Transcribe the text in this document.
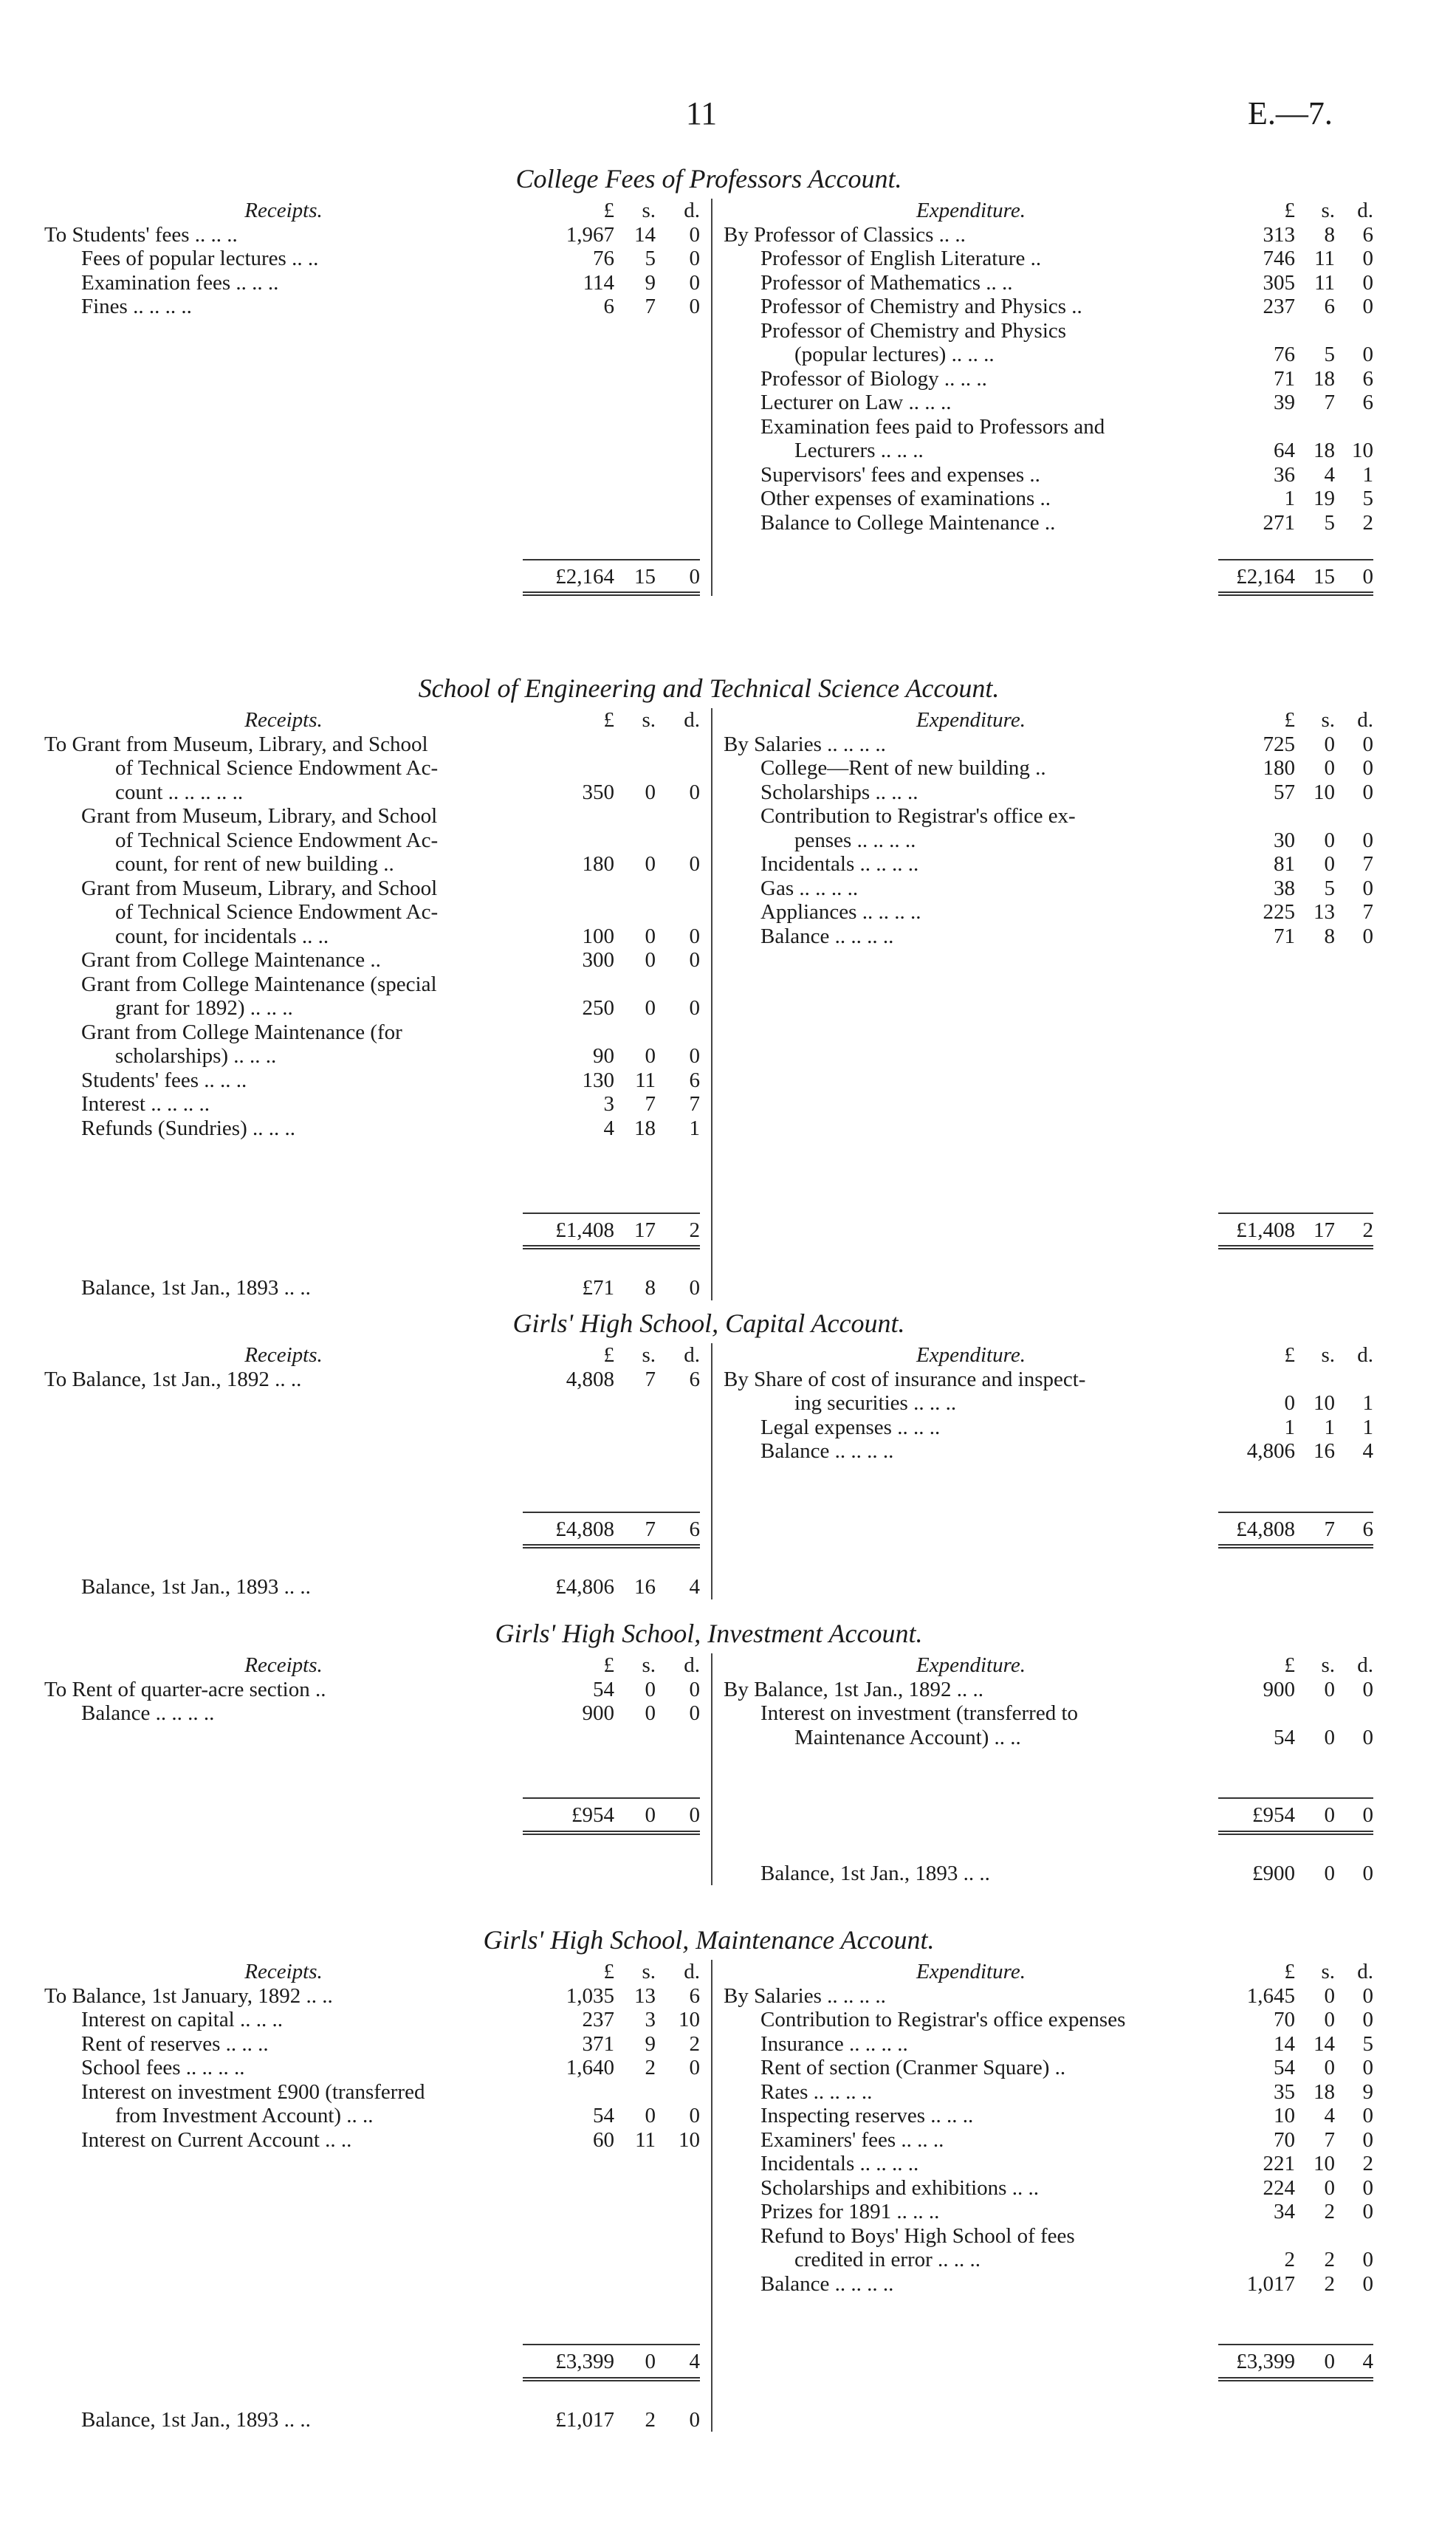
11	E.—7.
College Fees of Professors Account.
Receipts.	£	s.	d.
To Students' fees .. .. ..	1,967 14	0
Fees of popular lectures .. ..	76	5	0
Examination fees .. .. ..	114	9	0
Fines .. .. .. ..	6	7	0

£2,164 15	0
Expenditure.	£	s.	d.
By Professor of Classics .. ..	313	8	6
Professor of English Literature ..	746 11	0
Professor of Mathematics .. ..	305 11	0
Professor of Chemistry and Physics ..	237	6	0
Professor of Chemistry and Physics
(popular lectures) .. .. ..	76	5	0
Professor of Biology .. .. ..	71 18	6
Lecturer on Law .. .. ..	39	7	6
Examination fees paid to Professors and
Lecturers .. .. ..	64 18 10
Supervisors' fees and expenses ..	36	4	1
Other expenses of examinations ..	1 19	5
Balance to College Maintenance ..	271	5	2

£2,164 15	0
School of Engineering and Technical Science Account.
Receipts.	£	s.	d.
To Grant from Museum, Library, and School
of Technical Science Endowment Ac-
count .. .. .. .. ..	350	0	0
Grant from Museum, Library, and School
of Technical Science Endowment Ac-
count, for rent of new building ..	180	0	0
Grant from Museum, Library, and School
of Technical Science Endowment Ac-
count, for incidentals .. ..	100	0	0
Grant from College Maintenance ..	300	0	0
Grant from College Maintenance (special
grant for 1892) .. .. ..	250	0	0
Grant from College Maintenance (for
scholarships) .. .. ..	90	0	0
Students' fees .. .. ..	130 11	6
Interest .. .. .. ..	3	7	7
Refunds (Sundries) .. .. ..	4 18	1

£1,408 17	2
Balance, 1st Jan., 1893 .. ..	£71	8	0
Expenditure.	£	s.	d.
By Salaries .. .. .. ..	725	0	0
College—Rent of new building ..	180	0	0
Scholarships .. .. ..	57 10	0
Contribution to Registrar's office ex-
penses .. .. .. ..	30	0	0
Incidentals .. .. .. ..	81	0	7
Gas .. .. .. ..	38	5	0
Appliances .. .. .. ..	225 13	7
Balance .. .. .. ..	71	8	0

£1,408 17	2
Girls' High School, Capital Account.
Receipts.	£	s.	d.
To Balance, 1st Jan., 1892 .. ..	4,808	7	6

£4,808	7	6
Balance, 1st Jan., 1893 .. ..	£4,806 16	4
Expenditure.	£	s.	d.
By Share of cost of insurance and inspect-
ing securities .. .. ..	0 10	1
Legal expenses .. .. ..	1	1	1
Balance .. .. .. ..	4,806 16	4

£4,808	7	6
Girls' High School, Investment Account.
Receipts.	£	s.	d.
To Rent of quarter-acre section ..	54	0	0
Balance .. .. .. ..	900	0	0

£954	0	0
Expenditure.	£	s.	d.
By Balance, 1st Jan., 1892 .. ..	900	0	0
Interest on investment (transferred to
Maintenance Account) .. ..	54	0	0

£954	0	0
Balance, 1st Jan., 1893 .. ..	£900	0	0
Girls' High School, Maintenance Account.
Receipts.	£	s.	d.
To Balance, 1st January, 1892 .. ..	1,035 13	6
Interest on capital .. .. ..	237	3	10
Rent of reserves .. .. ..	371	9	2
School fees .. .. .. ..	1,640	2	0
Interest on investment £900 (transferred
from Investment Account) .. ..	54	0	0
Interest on Current Account .. ..	60 11	10

£3,399	0	4
Balance, 1st Jan., 1893 .. ..	£1,017	2	0
Expenditure.	£	s.	d.
By Salaries .. .. .. ..	1,645	0	0
Contribution to Registrar's office expenses	70	0	0
Insurance .. .. .. ..	14 14	5
Rent of section (Cranmer Square) ..	54	0	0
Rates .. .. .. ..	35 18	9
Inspecting reserves .. .. ..	10	4	0
Examiners' fees .. .. ..	70	7	0
Incidentals .. .. .. ..	221 10	2
Scholarships and exhibitions .. ..	224	0	0
Prizes for 1891 .. .. ..	34	2	0
Refund to Boys' High School of fees
credited in error .. .. ..	2	2	0
Balance .. .. .. ..	1,017	2	0

£3,399	0	4
